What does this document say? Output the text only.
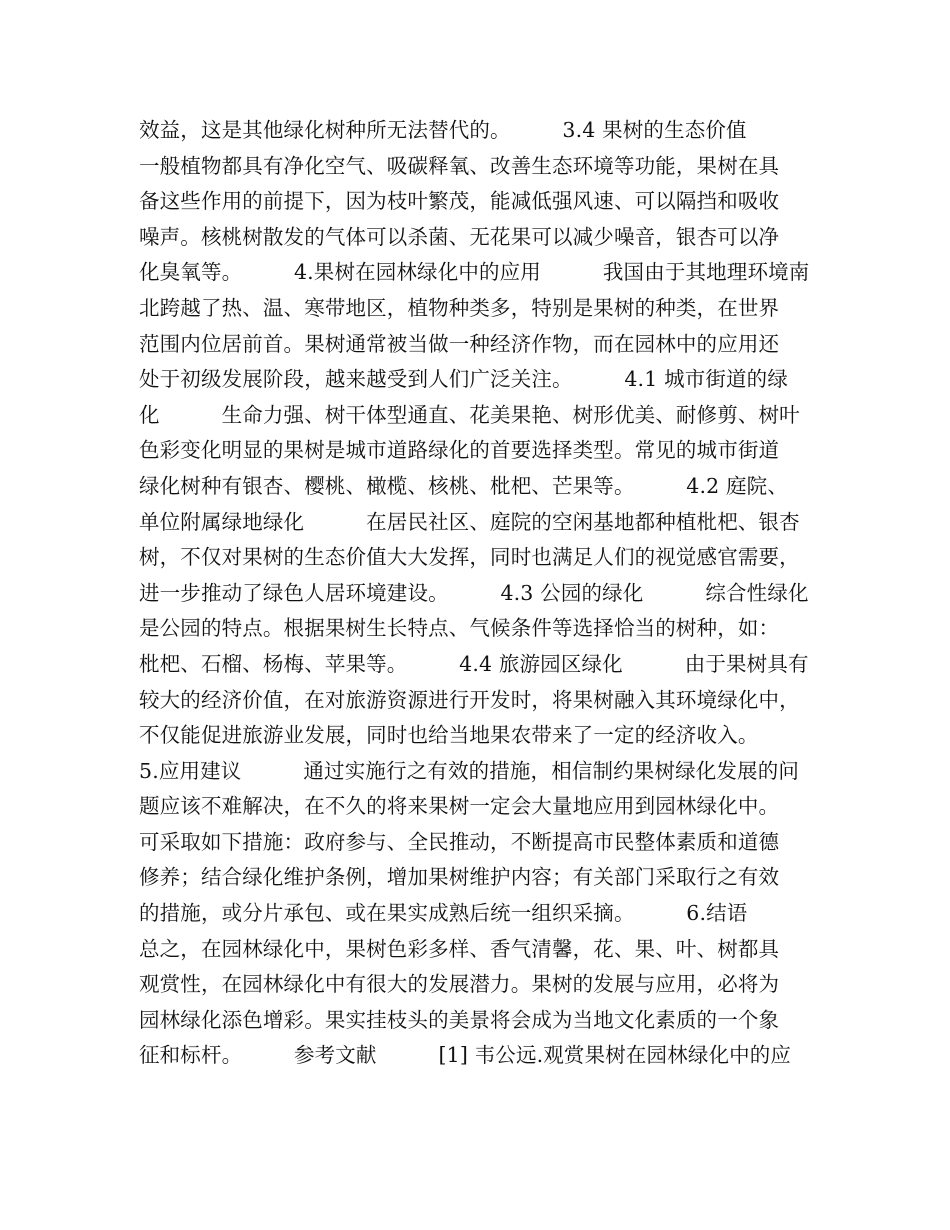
效益，这是其他绿化树种所无法替代的。　　　3.4 果树的生态价值
一般植物都具有净化空气、吸碳释氧、改善生态环境等功能，果树在具
备这些作用的前提下，因为枝叶繁茂，能减低强风速、可以隔挡和吸收
噪声。核桃树散发的气体可以杀菌、无花果可以减少噪音，银杏可以净
化臭氧等。　　　4.果树在园林绿化中的应用　　　我国由于其地理环境南
北跨越了热、温、寒带地区，植物种类多，特别是果树的种类，在世界
范围内位居前首。果树通常被当做一种经济作物，而在园林中的应用还
处于初级发展阶段，越来越受到人们广泛关注。　　　4.1 城市街道的绿
化　　　生命力强、树干体型通直、花美果艳、树形优美、耐修剪、树叶
色彩变化明显的果树是城市道路绿化的首要选择类型。常见的城市街道
绿化树种有银杏、樱桃、橄榄、核桃、枇杷、芒果等。　　　4.2 庭院、
单位附属绿地绿化　　　在居民社区、庭院的空闲基地都种植枇杷、银杏
树，不仅对果树的生态价值大大发挥，同时也满足人们的视觉感官需要，
进一步推动了绿色人居环境建设。　　　4.3 公园的绿化　　　综合性绿化
是公园的特点。根据果树生长特点、气候条件等选择恰当的树种，如：
枇杷、石榴、杨梅、苹果等。　　　4.4 旅游园区绿化　　　由于果树具有
较大的经济价值，在对旅游资源进行开发时，将果树融入其环境绿化中，
不仅能促进旅游业发展，同时也给当地果农带来了一定的经济收入。
5.应用建议　　　通过实施行之有效的措施，相信制约果树绿化发展的问
题应该不难解决，在不久的将来果树一定会大量地应用到园林绿化中。
可采取如下措施：政府参与、全民推动，不断提高市民整体素质和道德
修养；结合绿化维护条例，增加果树维护内容；有关部门采取行之有效
的措施，或分片承包、或在果实成熟后统一组织采摘。　　　6.结语
总之，在园林绿化中，果树色彩多样、香气清馨，花、果、叶、树都具
观赏性，在园林绿化中有很大的发展潜力。果树的发展与应用，必将为
园林绿化添色增彩。果实挂枝头的美景将会成为当地文化素质的一个象
征和标杆。　　　参考文献　　　[1] 韦公远.观赏果树在园林绿化中的应
